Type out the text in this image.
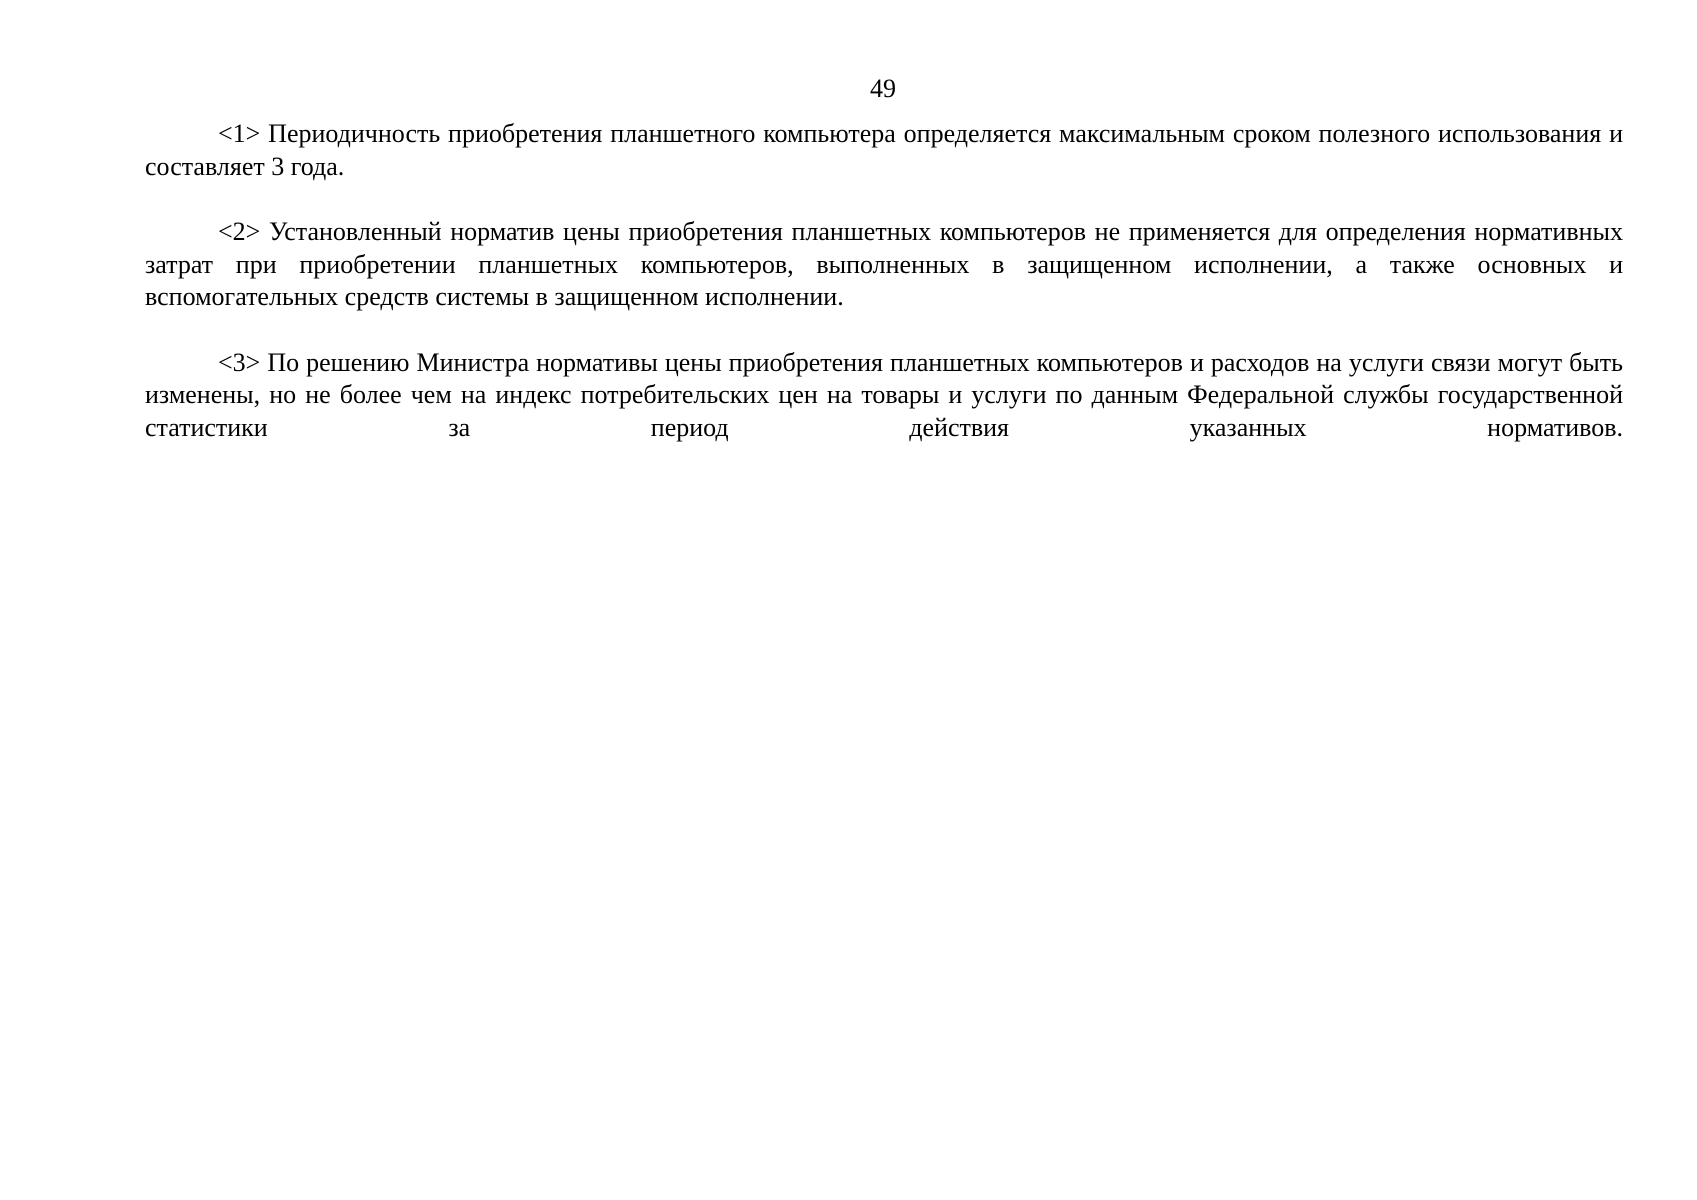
49

<1> Периодичность приобретения планшетного компьютера определяется максимальным сроком полезного использования и составляет 3 года.

<2> Установленный норматив цены приобретения планшетных компьютеров не применяется для определения нормативных затрат при приобретении планшетных компьютеров, выполненных в защищенном исполнении, а также основных и вспомогательных средств системы в защищенном исполнении.

<3> По решению Министра нормативы цены приобретения планшетных компьютеров и расходов на услуги связи могут быть изменены, но не более чем на индекс потребительских цен на товары и услуги по данным Федеральной службы государственной статистики за период действия указанных нормативов.
